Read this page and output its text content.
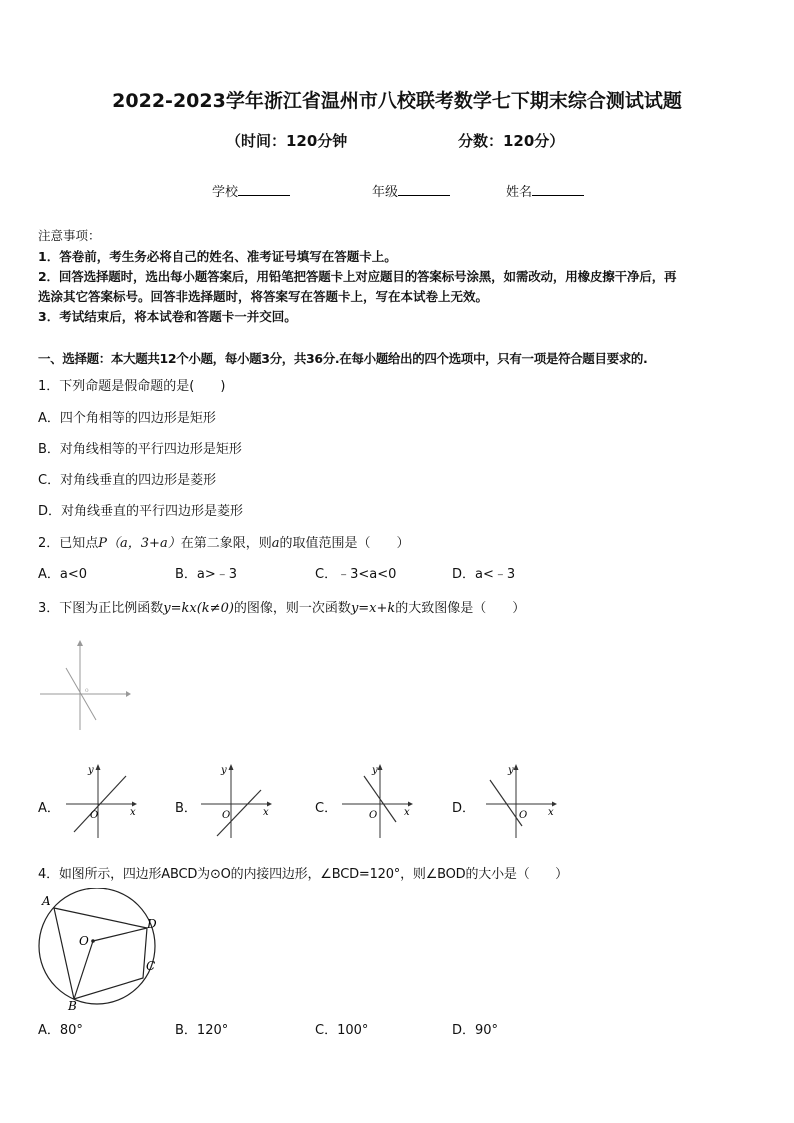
2022-2023学年浙江省温州市八校联考数学七下期末综合测试试题
（时间：120分钟	分数：120分）
学校	年级	姓名
注意事项：
1．答卷前，考生务必将自己的姓名、准考证号填写在答题卡上。
2．回答选择题时，选出每小题答案后，用铅笔把答题卡上对应题目的答案标号涂黑，如需改动，用橡皮擦干净后，再
选涂其它答案标号。回答非选择题时，将答案写在答题卡上，写在本试卷上无效。
3．考试结束后，将本试卷和答题卡一并交回。
一、选择题：本大题共12个小题，每小题3分，共36分.在每小题给出的四个选项中，只有一项是符合题目要求的.
1．下列命题是假命题的是(　　)
A．四个角相等的四边形是矩形
B．对角线相等的平行四边形是矩形
C．对角线垂直的四边形是菱形
D．对角线垂直的平行四边形是菱形
2．已知点P（a，3+a）在第二象限，则a的取值范围是（　　）
A．a<0	B．a>﹣3	C．﹣3<a<0	D．a<﹣3
3．下图为正比例函数y=kx(k≠0)的图像，则一次函数y=x+k的大致图像是（　　）
o
A．	B．	C．	D．
y
x
O
y
x
O
y
x
O
y
x
O
4．如图所示，四边形ABCD为⊙O的内接四边形，∠BCD=120°，则∠BOD的大小是（　　）
A
B
C
D
O
A．80°	B．120°	C．100°	D．90°
